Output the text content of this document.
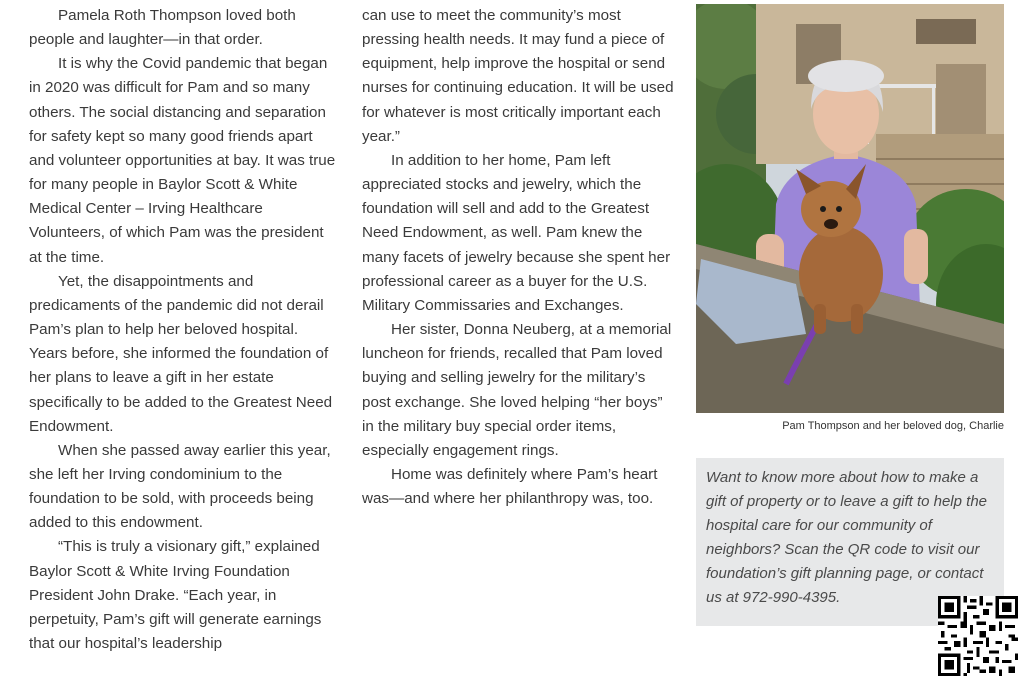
Pamela Roth Thompson loved both people and laughter—in that order.

It is why the Covid pandemic that began in 2020 was difficult for Pam and so many others. The social distancing and separation for safety kept so many good friends apart and volunteer opportunities at bay. It was true for many people in Baylor Scott & White Medical Center – Irving Healthcare Volunteers, of which Pam was the president at the time.

Yet, the disappointments and predicaments of the pandemic did not derail Pam’s plan to help her beloved hospital. Years before, she informed the foundation of her plans to leave a gift in her estate specifically to be added to the Greatest Need Endowment.

When she passed away earlier this year, she left her Irving condominium to the foundation to be sold, with proceeds being added to this endowment.

“This is truly a visionary gift,” explained Baylor Scott & White Irving Foundation President John Drake. “Each year, in perpetuity, Pam’s gift will generate earnings that our hospital’s leadership

can use to meet the community’s most pressing health needs. It may fund a piece of equipment, help improve the hospital or send nurses for continuing education. It will be used for whatever is most critically important each year.”

In addition to her home, Pam left appreciated stocks and jewelry, which the foundation will sell and add to the Greatest Need Endowment, as well. Pam knew the many facets of jewelry because she spent her professional career as a buyer for the U.S. Military Commissaries and Exchanges.

Her sister, Donna Neuberg, at a memorial luncheon for friends, recalled that Pam loved buying and selling jewelry for the military’s post exchange. She loved helping “her boys” in the military buy special order items, especially engagement rings.

Home was definitely where Pam’s heart was—and where her philanthropy was, too.

Pam Thompson and her beloved dog, Charlie
Want to know more about how to make a gift of property or to leave a gift to help the hospital care for our community of neighbors? Scan the QR code to visit our foundation’s gift planning page, or contact us at 972-990-4395.
